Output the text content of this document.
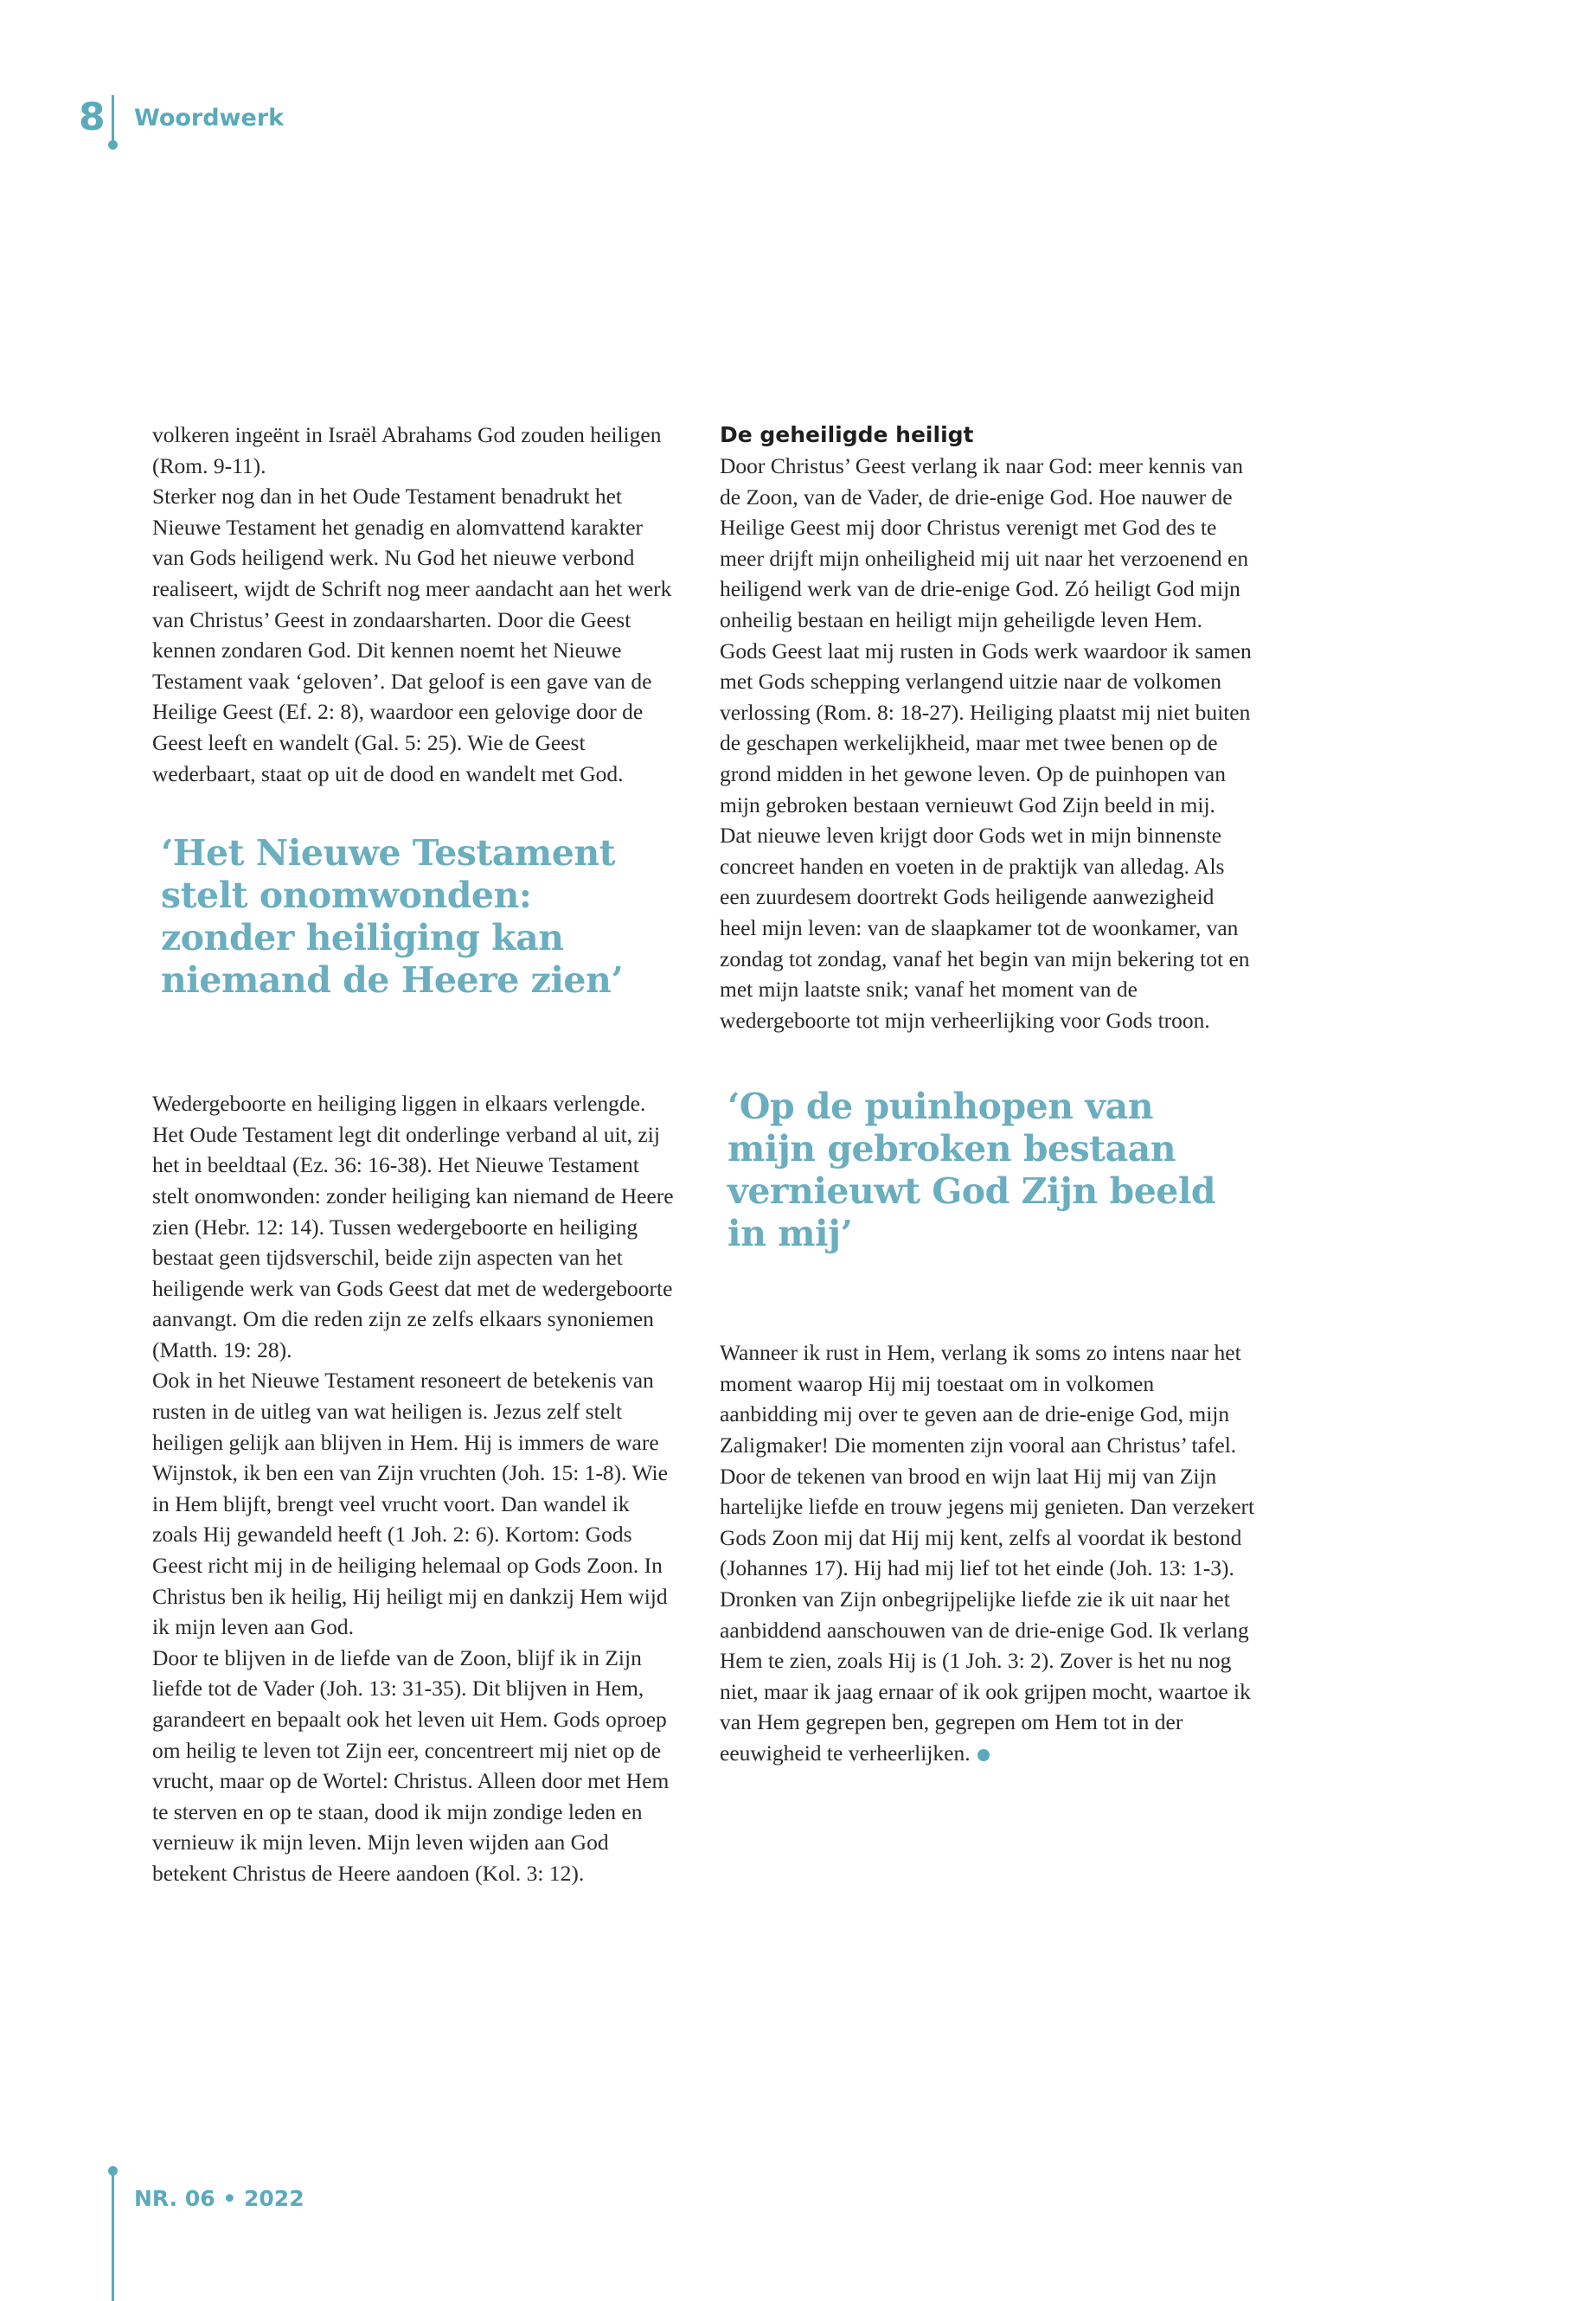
8 Woordwerk

volkeren ingeënt in Israël Abrahams God zouden heiligen (Rom. 9-11).

Sterker nog dan in het Oude Testament benadrukt het Nieuwe Testament het genadig en alomvattend karakter van Gods heiligend werk. Nu God het nieuwe verbond realiseert, wijdt de Schrift nog meer aandacht aan het werk van Christus’ Geest in zondaarsharten. Door die Geest kennen zondaren God. Dit kennen noemt het Nieuwe Testament vaak ‘geloven’. Dat geloof is een gave van de Heilige Geest (Ef. 2: 8), waardoor een gelovige door de Geest leeft en wandelt (Gal. 5: 25). Wie de Geest wederbaart, staat op uit de dood en wandelt met God.

‘Het Nieuwe Testament stelt onomwonden: zonder heiliging kan niemand de Heere zien’

Wedergeboorte en heiliging liggen in elkaars verlengde. Het Oude Testament legt dit onderlinge verband al uit, zij het in beeldtaal (Ez. 36: 16-38). Het Nieuwe Testament stelt onomwonden: zonder heiliging kan niemand de Heere zien (Hebr. 12: 14). Tussen wedergeboorte en heiliging bestaat geen tijdsverschil, beide zijn aspecten van het heiligende werk van Gods Geest dat met de wedergeboorte aanvangt. Om die reden zijn ze zelfs elkaars synoniemen (Matth. 19: 28).

Ook in het Nieuwe Testament resoneert de betekenis van rusten in de uitleg van wat heiligen is. Jezus zelf stelt heiligen gelijk aan blijven in Hem. Hij is immers de ware Wijnstok, ik ben een van Zijn vruchten (Joh. 15: 1-8). Wie in Hem blijft, brengt veel vrucht voort. Dan wandel ik zoals Hij gewandeld heeft (1 Joh. 2: 6). Kortom: Gods Geest richt mij in de heiliging helemaal op Gods Zoon. In Christus ben ik heilig, Hij heiligt mij en dankzij Hem wijd ik mijn leven aan God.

Door te blijven in de liefde van de Zoon, blijf ik in Zijn liefde tot de Vader (Joh. 13: 31-35). Dit blijven in Hem, garandeert en bepaalt ook het leven uit Hem. Gods oproep om heilig te leven tot Zijn eer, concentreert mij niet op de vrucht, maar op de Wortel: Christus. Alleen door met Hem te sterven en op te staan, dood ik mijn zondige leden en vernieuw ik mijn leven. Mijn leven wijden aan God betekent Christus de Heere aandoen (Kol. 3: 12).

De geheiligde heiligt

Door Christus’ Geest verlang ik naar God: meer kennis van de Zoon, van de Vader, de drie-enige God. Hoe nauwer de Heilige Geest mij door Christus verenigt met God des te meer drijft mijn onheiligheid mij uit naar het verzoenend en heiligend werk van de drie-enige God. Zó heiligt God mijn onheilig bestaan en heiligt mijn geheiligde leven Hem.

Gods Geest laat mij rusten in Gods werk waardoor ik samen met Gods schepping verlangend uitzie naar de volkomen verlossing (Rom. 8: 18-27). Heiliging plaatst mij niet buiten de geschapen werkelijkheid, maar met twee benen op de grond midden in het gewone leven. Op de puinhopen van mijn gebroken bestaan vernieuwt God Zijn beeld in mij.

Dat nieuwe leven krijgt door Gods wet in mijn binnenste concreet handen en voeten in de praktijk van alledag. Als een zuurdesem doortrekt Gods heiligende aanwezigheid heel mijn leven: van de slaapkamer tot de woonkamer, van zondag tot zondag, vanaf het begin van mijn bekering tot en met mijn laatste snik; vanaf het moment van de wedergeboorte tot mijn verheerlijking voor Gods troon.

‘Op de puinhopen van mijn gebroken bestaan vernieuwt God Zijn beeld in mij’

Wanneer ik rust in Hem, verlang ik soms zo intens naar het moment waarop Hij mij toestaat om in volkomen aanbidding mij over te geven aan de drie-enige God, mijn Zaligmaker! Die momenten zijn vooral aan Christus’ tafel. Door de tekenen van brood en wijn laat Hij mij van Zijn hartelijke liefde en trouw jegens mij genieten. Dan verzekert Gods Zoon mij dat Hij mij kent, zelfs al voordat ik bestond (Johannes 17). Hij had mij lief tot het einde (Joh. 13: 1-3). Dronken van Zijn onbegrijpelijke liefde zie ik uit naar het aanbiddend aanschouwen van de drie-enige God. Ik verlang Hem te zien, zoals Hij is (1 Joh. 3: 2). Zover is het nu nog niet, maar ik jaag ernaar of ik ook grijpen mocht, waartoe ik van Hem gegrepen ben, gegrepen om Hem tot in der eeuwigheid te verheerlijken.

NR. 06 • 2022
